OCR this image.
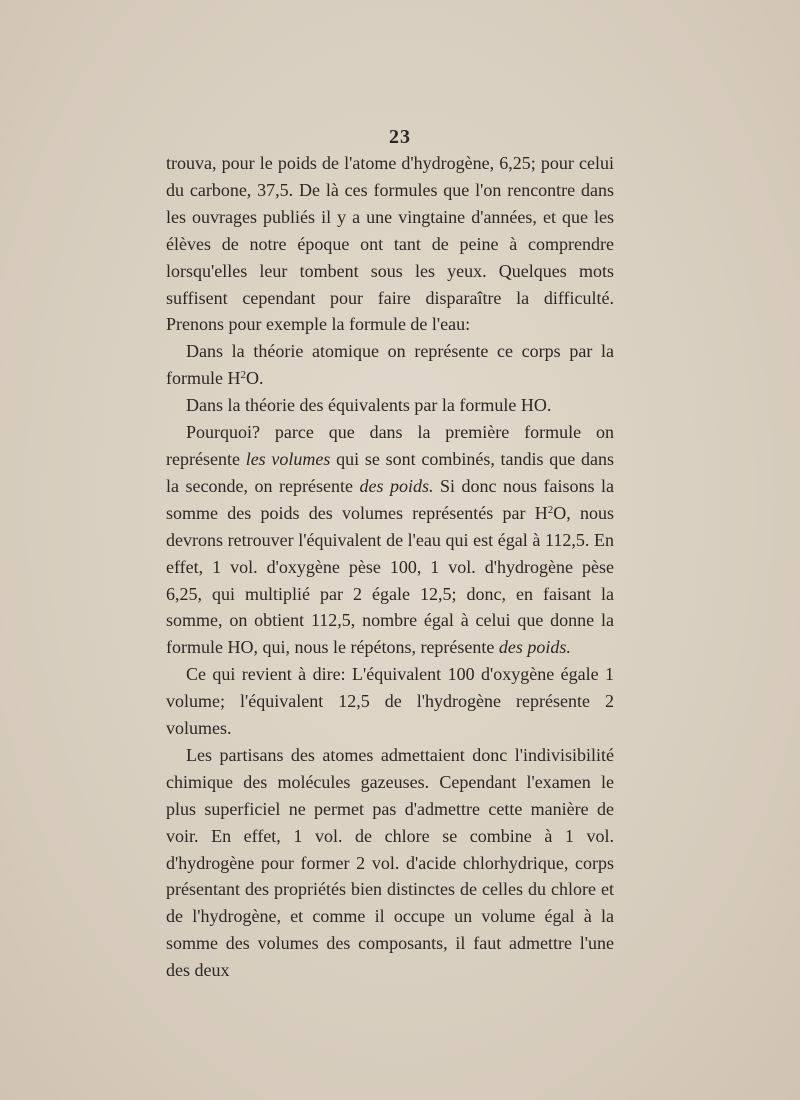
23

trouva, pour le poids de l'atome d'hydrogène, 6,25; pour celui du carbone, 37,5. De là ces formules que l'on rencontre dans les ouvrages publiés il y a une vingtaine d'années, et que les élèves de notre époque ont tant de peine à comprendre lorsqu'elles leur tombent sous les yeux. Quelques mots suffisent cependant pour faire disparaître la difficulté. Prenons pour exemple la formule de l'eau:

Dans la théorie atomique on représente ce corps par la formule $H^2O$.

Dans la théorie des équivalents par la formule HO.

Pourquoi? parce que dans la première formule on représente les volumes qui se sont combinés, tandis que dans la seconde, on représente des poids. Si donc nous faisons la somme des poids des volumes représentés par $H^2O$, nous devrons retrouver l'équivalent de l'eau qui est égal à 112,5. En effet, 1 vol. d'oxygène pèse 100, 1 vol. d'hydrogène pèse 6,25, qui multiplié par 2 égale 12,5; donc, en faisant la somme, on obtient 112,5, nombre égal à celui que donne la formule HO, qui, nous le répétons, représente des poids.

Ce qui revient à dire: L'équivalent 100 d'oxygène égale 1 volume; l'équivalent 12,5 de l'hydrogène représente 2 volumes.

Les partisans des atomes admettaient donc l'indivisibilité chimique des molécules gazeuses. Cependant l'examen le plus superficiel ne permet pas d'admettre cette manière de voir. En effet, 1 vol. de chlore se combine à 1 vol. d'hydrogène pour former 2 vol. d'acide chlorhydrique, corps présentant des propriétés bien distinctes de celles du chlore et de l'hydrogène, et comme il occupe un volume égal à la somme des volumes des composants, il faut admettre l'une des deux
